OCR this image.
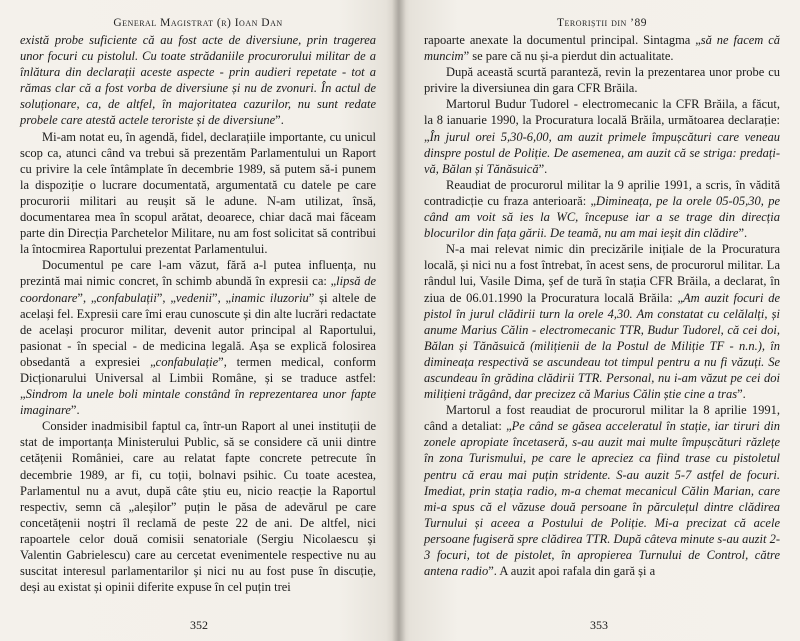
General Magistrat (r) Ioan Dan

există probe suficiente că au fost acte de diversiune, prin tragerea unor focuri cu pistolul. Cu toate strădaniile procurorului militar de a înlătura din declarații aceste aspecte - prin audieri repetate - tot a rămas clar că a fost vorba de diversiune și nu de zvonuri. În actul de soluționare, ca, de altfel, în majoritatea cazurilor, nu sunt redate probele care atestă actele teroriste și de diversiune”.

Mi-am notat eu, în agendă, fidel, declarațiile importante, cu unicul scop ca, atunci când va trebui să prezentăm Parlamentului un Raport cu privire la cele întâmplate în decembrie 1989, să putem să-i punem la dispoziție o lucrare documentată, argumentată cu datele pe care procurorii militari au reușit să le adune. N-am utilizat, însă, documentarea mea în scopul arătat, deoarece, chiar dacă mai făceam parte din Direcția Parchetelor Militare, nu am fost solicitat să contribui la întocmirea Raportului prezentat Parlamentului.

Documentul pe care l-am văzut, fără a-l putea influența, nu prezintă mai nimic concret, în schimb abundă în expresii ca: „lipsă de coordonare”, „confabulații”, „vedenii”, „inamic iluzoriu” și altele de același fel. Expresii care îmi erau cunoscute și din alte lucrări redactate de același procuror militar, devenit autor principal al Raportului, pasionat - în special - de medicina legală. Așa se explică folosirea obsedantă a expresiei „confabulație”, termen medical, conform Dicționarului Universal al Limbii Române, și se traduce astfel: „Sindrom la unele boli mintale constând în reprezentarea unor fapte imaginare”.

Consider inadmisibil faptul ca, într-un Raport al unei instituții de stat de importanța Ministerului Public, să se considere că unii dintre cetățenii României, care au relatat fapte concrete petrecute în decembrie 1989, ar fi, cu toții, bolnavi psihic. Cu toate acestea, Parlamentul nu a avut, după câte știu eu, nicio reacție la Raportul respectiv, semn că „aleșilor” puțin le păsa de adevărul pe care concetățenii noștri îl reclamă de peste 22 de ani. De altfel, nici rapoartele celor două comisii senatoriale (Sergiu Nicolaescu și Valentin Gabrielescu) care au cercetat evenimentele respective nu au suscitat interesul parlamentarilor și nici nu au fost puse în discuție, deși au existat și opinii diferite expuse în cel puțin trei

352
Teroriștii din ’89

rapoarte anexate la documentul principal. Sintagma „să ne facem că muncim” se pare că nu și-a pierdut din actualitate.

După această scurtă paranteză, revin la prezentarea unor probe cu privire la diversiunea din gara CFR Brăila.

Martorul Budur Tudorel - electromecanic la CFR Brăila, a făcut, la 8 ianuarie 1990, la Procuratura locală Brăila, următoarea declarație: „În jurul orei 5,30-6,00, am auzit primele împușcături care veneau dinspre postul de Poliție. De asemenea, am auzit că se striga: predați-vă, Bălan și Tănăsuică”.

Reaudiat de procurorul militar la 9 aprilie 1991, a scris, în vădită contradicție cu fraza anterioară: „Dimineața, pe la orele 05-05,30, pe când am voit să ies la WC, începuse iar a se trage din direcția blocurilor din fața gării. De teamă, nu am mai ieșit din clădire”.

N-a mai relevat nimic din precizările inițiale de la Procuratura locală, și nici nu a fost întrebat, în acest sens, de procurorul militar. La rândul lui, Vasile Dima, șef de tură în stația CFR Brăila, a declarat, în ziua de 06.01.1990 la Procuratura locală Brăila: „Am auzit focuri de pistol în jurul clădirii turn la orele 4,30. Am constatat cu celălalți, și anume Marius Călin - electromecanic TTR, Budur Tudorel, că cei doi, Bălan și Tănăsuică (milițienii de la Postul de Miliție TF - n.n.), în dimineața respectivă se ascundeau tot timpul pentru a nu fi văzuți. Se ascundeau în grădina clădirii TTR. Personal, nu i-am văzut pe cei doi milițieni trăgând, dar precizez că Marius Călin știe cine a tras”.

Martorul a fost reaudiat de procurorul militar la 8 aprilie 1991, când a detaliat: „Pe când se găsea acceleratul în stație, iar tiruri din zonele apropiate încetaseră, s-au auzit mai multe împușcături răzlețe în zona Turismului, pe care le apreciez ca fiind trase cu pistoletul pentru că erau mai puțin stridente. S-au auzit 5-7 astfel de focuri. Imediat, prin stația radio, m-a chemat mecanicul Călin Marian, care mi-a spus că el văzuse două persoane în părculețul dintre clădirea Turnului și aceea a Postului de Poliție. Mi-a precizat că acele persoane fugiseră spre clădirea TTR. După câteva minute s-au auzit 2-3 focuri, tot de pistolet, în apropierea Turnului de Control, către antena radio”. A auzit apoi rafala din gară și a

353
